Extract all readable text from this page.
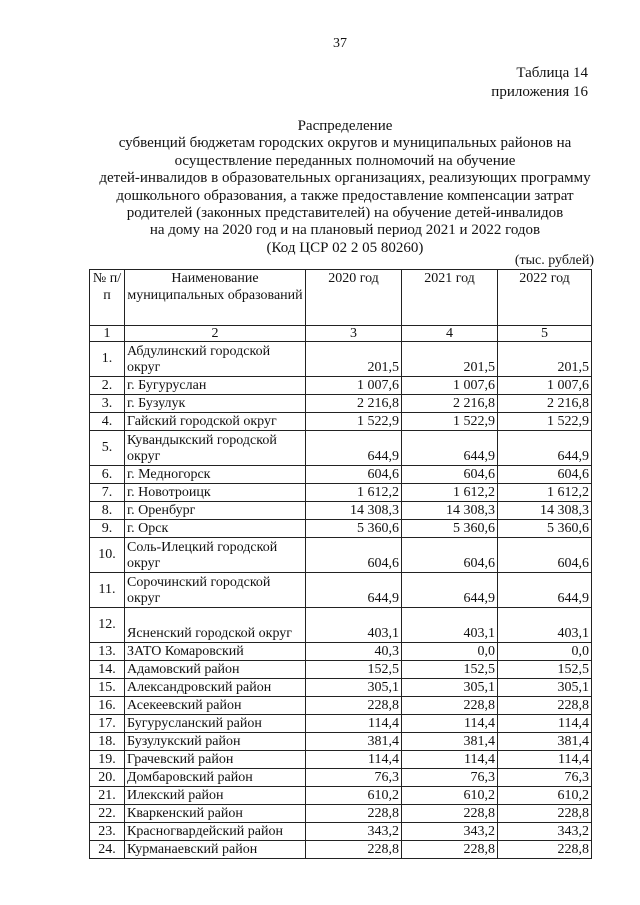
37
Таблица 14
приложения 16
Распределение
субвенций бюджетам городских округов и муниципальных районов на
осуществление переданных полномочий на обучение
детей-инвалидов в образовательных организациях, реализующих программу
дошкольного образования, а также предоставление компенсации затрат
родителей (законных представителей) на обучение детей-инвалидов
на дому на 2020 год и на плановый период 2021 и 2022 годов
(Код ЦСР 02 2 05 80260)
(тыс. рублей)
№ п/п	Наименование муниципальных образований	2020 год	2021 год	2022 год
1	2	3	4	5
1.	Абдулинский городской округ	201,5	201,5	201,5
2.	г. Бугуруслан	1 007,6	1 007,6	1 007,6
3.	г. Бузулук	2 216,8	2 216,8	2 216,8
4.	Гайский городской округ	1 522,9	1 522,9	1 522,9
5.	Кувандыкский городской округ	644,9	644,9	644,9
6.	г. Медногорск	604,6	604,6	604,6
7.	г. Новотроицк	1 612,2	1 612,2	1 612,2
8.	г. Оренбург	14 308,3	14 308,3	14 308,3
9.	г. Орск	5 360,6	5 360,6	5 360,6
10.	Соль-Илецкий городской округ	604,6	604,6	604,6
11.	Сорочинский городской округ	644,9	644,9	644,9
12.	Ясненский городской округ	403,1	403,1	403,1
13.	ЗАТО Комаровский	40,3	0,0	0,0
14.	Адамовский район	152,5	152,5	152,5
15.	Александровский район	305,1	305,1	305,1
16.	Асекеевский район	228,8	228,8	228,8
17.	Бугурусланский район	114,4	114,4	114,4
18.	Бузулукский район	381,4	381,4	381,4
19.	Грачевский район	114,4	114,4	114,4
20.	Домбаровский район	76,3	76,3	76,3
21.	Илекский район	610,2	610,2	610,2
22.	Кваркенский район	228,8	228,8	228,8
23.	Красногвардейский район	343,2	343,2	343,2
24.	Курманаевский район	228,8	228,8	228,8
